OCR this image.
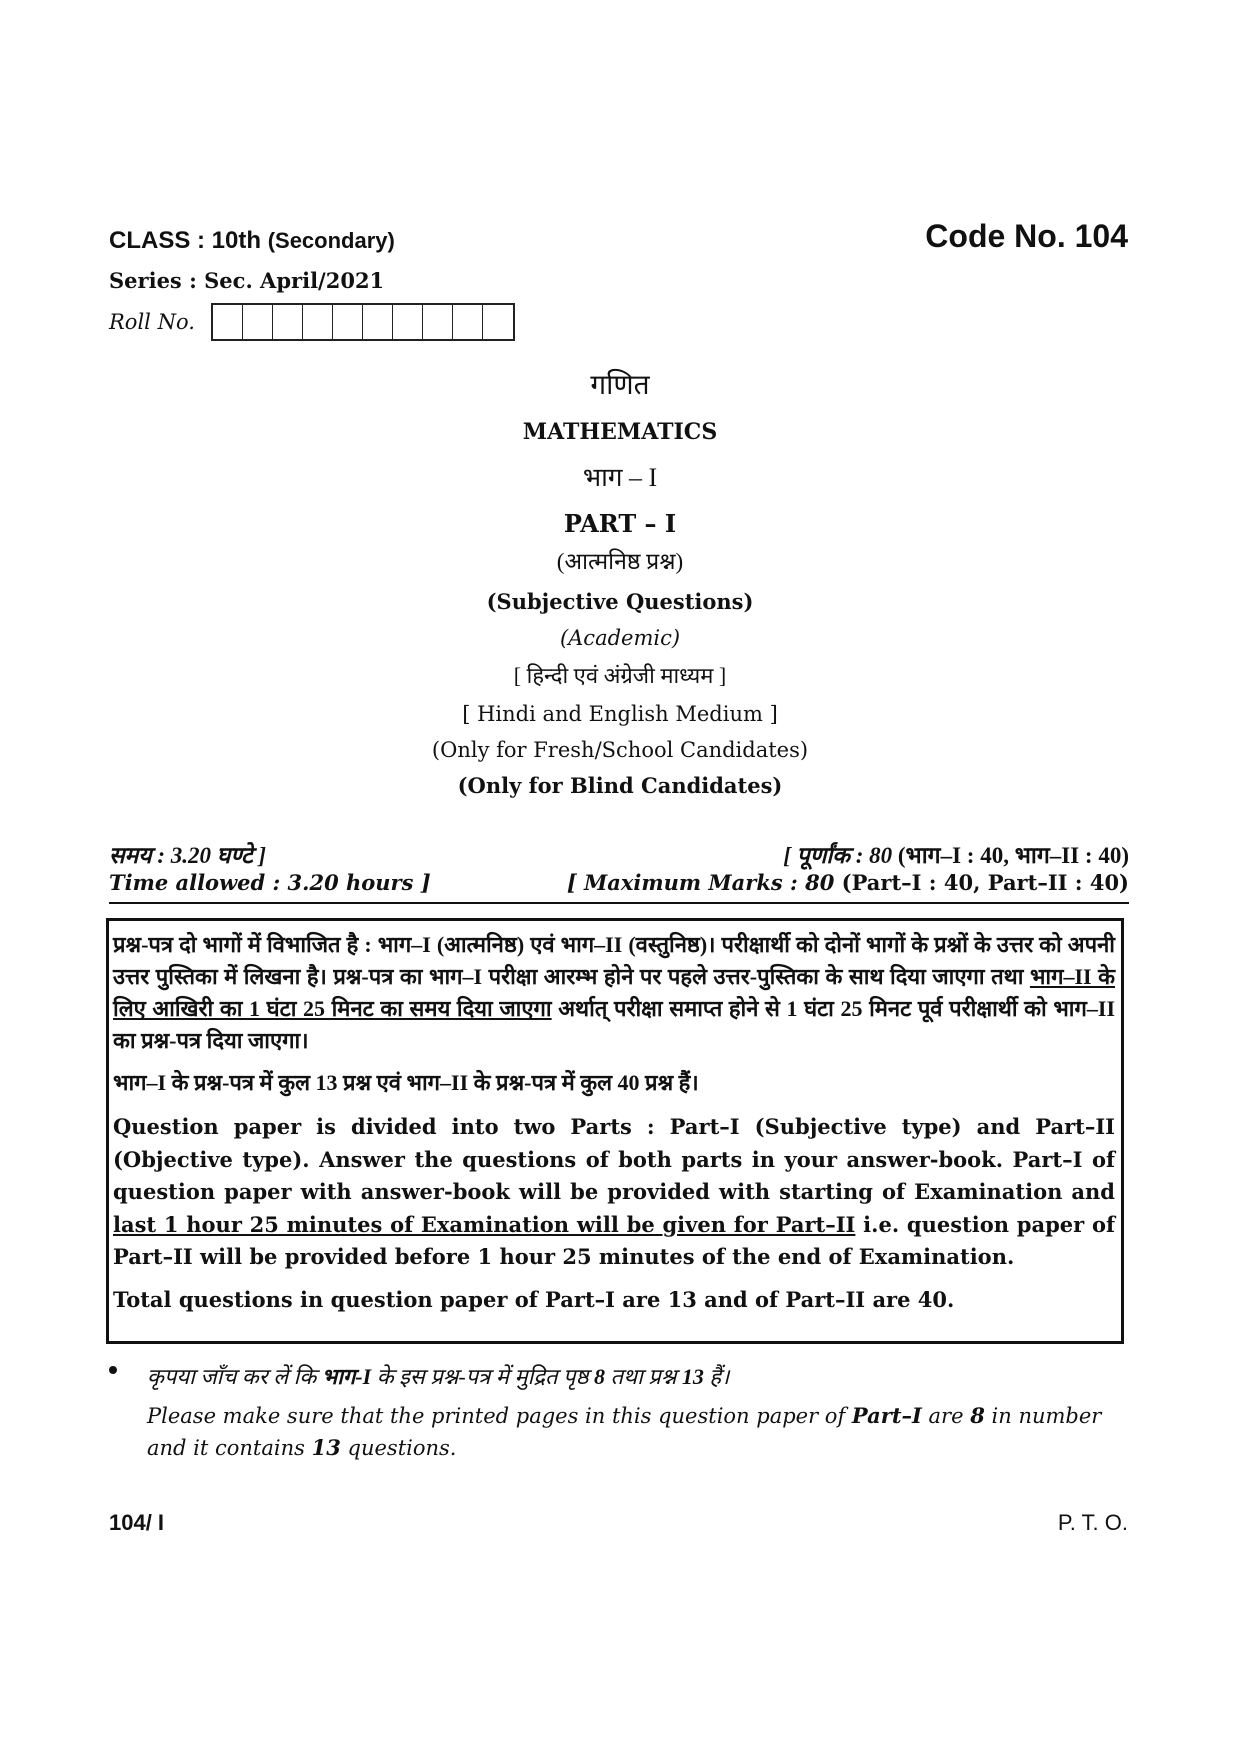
CLASS : 10th (Secondary)	Code No. 104
Series : Sec. April/2021
Roll No.
गणित
MATHEMATICS
भाग – I
PART – I
(आत्मनिष्ठ प्रश्न)
(Subjective Questions)
(Academic)
[ हिन्दी एवं अंग्रेजी माध्यम ]
[ Hindi and English Medium ]
(Only for Fresh/School Candidates)
(Only for Blind Candidates)
समय : 3.20 घण्टे ]	[ पूर्णांक : 80 (भाग–I : 40, भाग–II : 40)
Time allowed : 3.20 hours ]	[ Maximum Marks : 80 (Part–I : 40, Part–II : 40)

प्रश्न-पत्र दो भागों में विभाजित है : भाग–I (आत्मनिष्ठ) एवं भाग–II (वस्तुनिष्ठ)। परीक्षार्थी को दोनों भागों के प्रश्नों के उत्तर को अपनी उत्तर पुस्तिका में लिखना है। प्रश्न-पत्र का भाग–I परीक्षा आरम्भ होने पर पहले उत्तर-पुस्तिका के साथ दिया जाएगा तथा भाग–II के लिए आखिरी का 1 घंटा 25 मिनट का समय दिया जाएगा अर्थात् परीक्षा समाप्त होने से 1 घंटा 25 मिनट पूर्व परीक्षार्थी को भाग–II का प्रश्न-पत्र दिया जाएगा।

भाग–I के प्रश्न-पत्र में कुल 13 प्रश्न एवं भाग–II के प्रश्न-पत्र में कुल 40 प्रश्न हैं।

Question paper is divided into two Parts : Part–I (Subjective type) and Part–II (Objective type). Answer the questions of both parts in your answer-book. Part–I of question paper with answer-book will be provided with starting of Examination and last 1 hour 25 minutes of Examination will be given for Part–II i.e. question paper of Part–II will be provided before 1 hour 25 minutes of the end of Examination.

Total questions in question paper of Part–I are 13 and of Part–II are 40.

कृपया जाँच कर लें कि भाग-I के इस प्रश्न-पत्र में मुद्रित पृष्ठ 8 तथा प्रश्न 13 हैं।
Please make sure that the printed pages in this question paper of Part–I are 8 in number and it contains 13 questions.
104/ I	P. T. O.
